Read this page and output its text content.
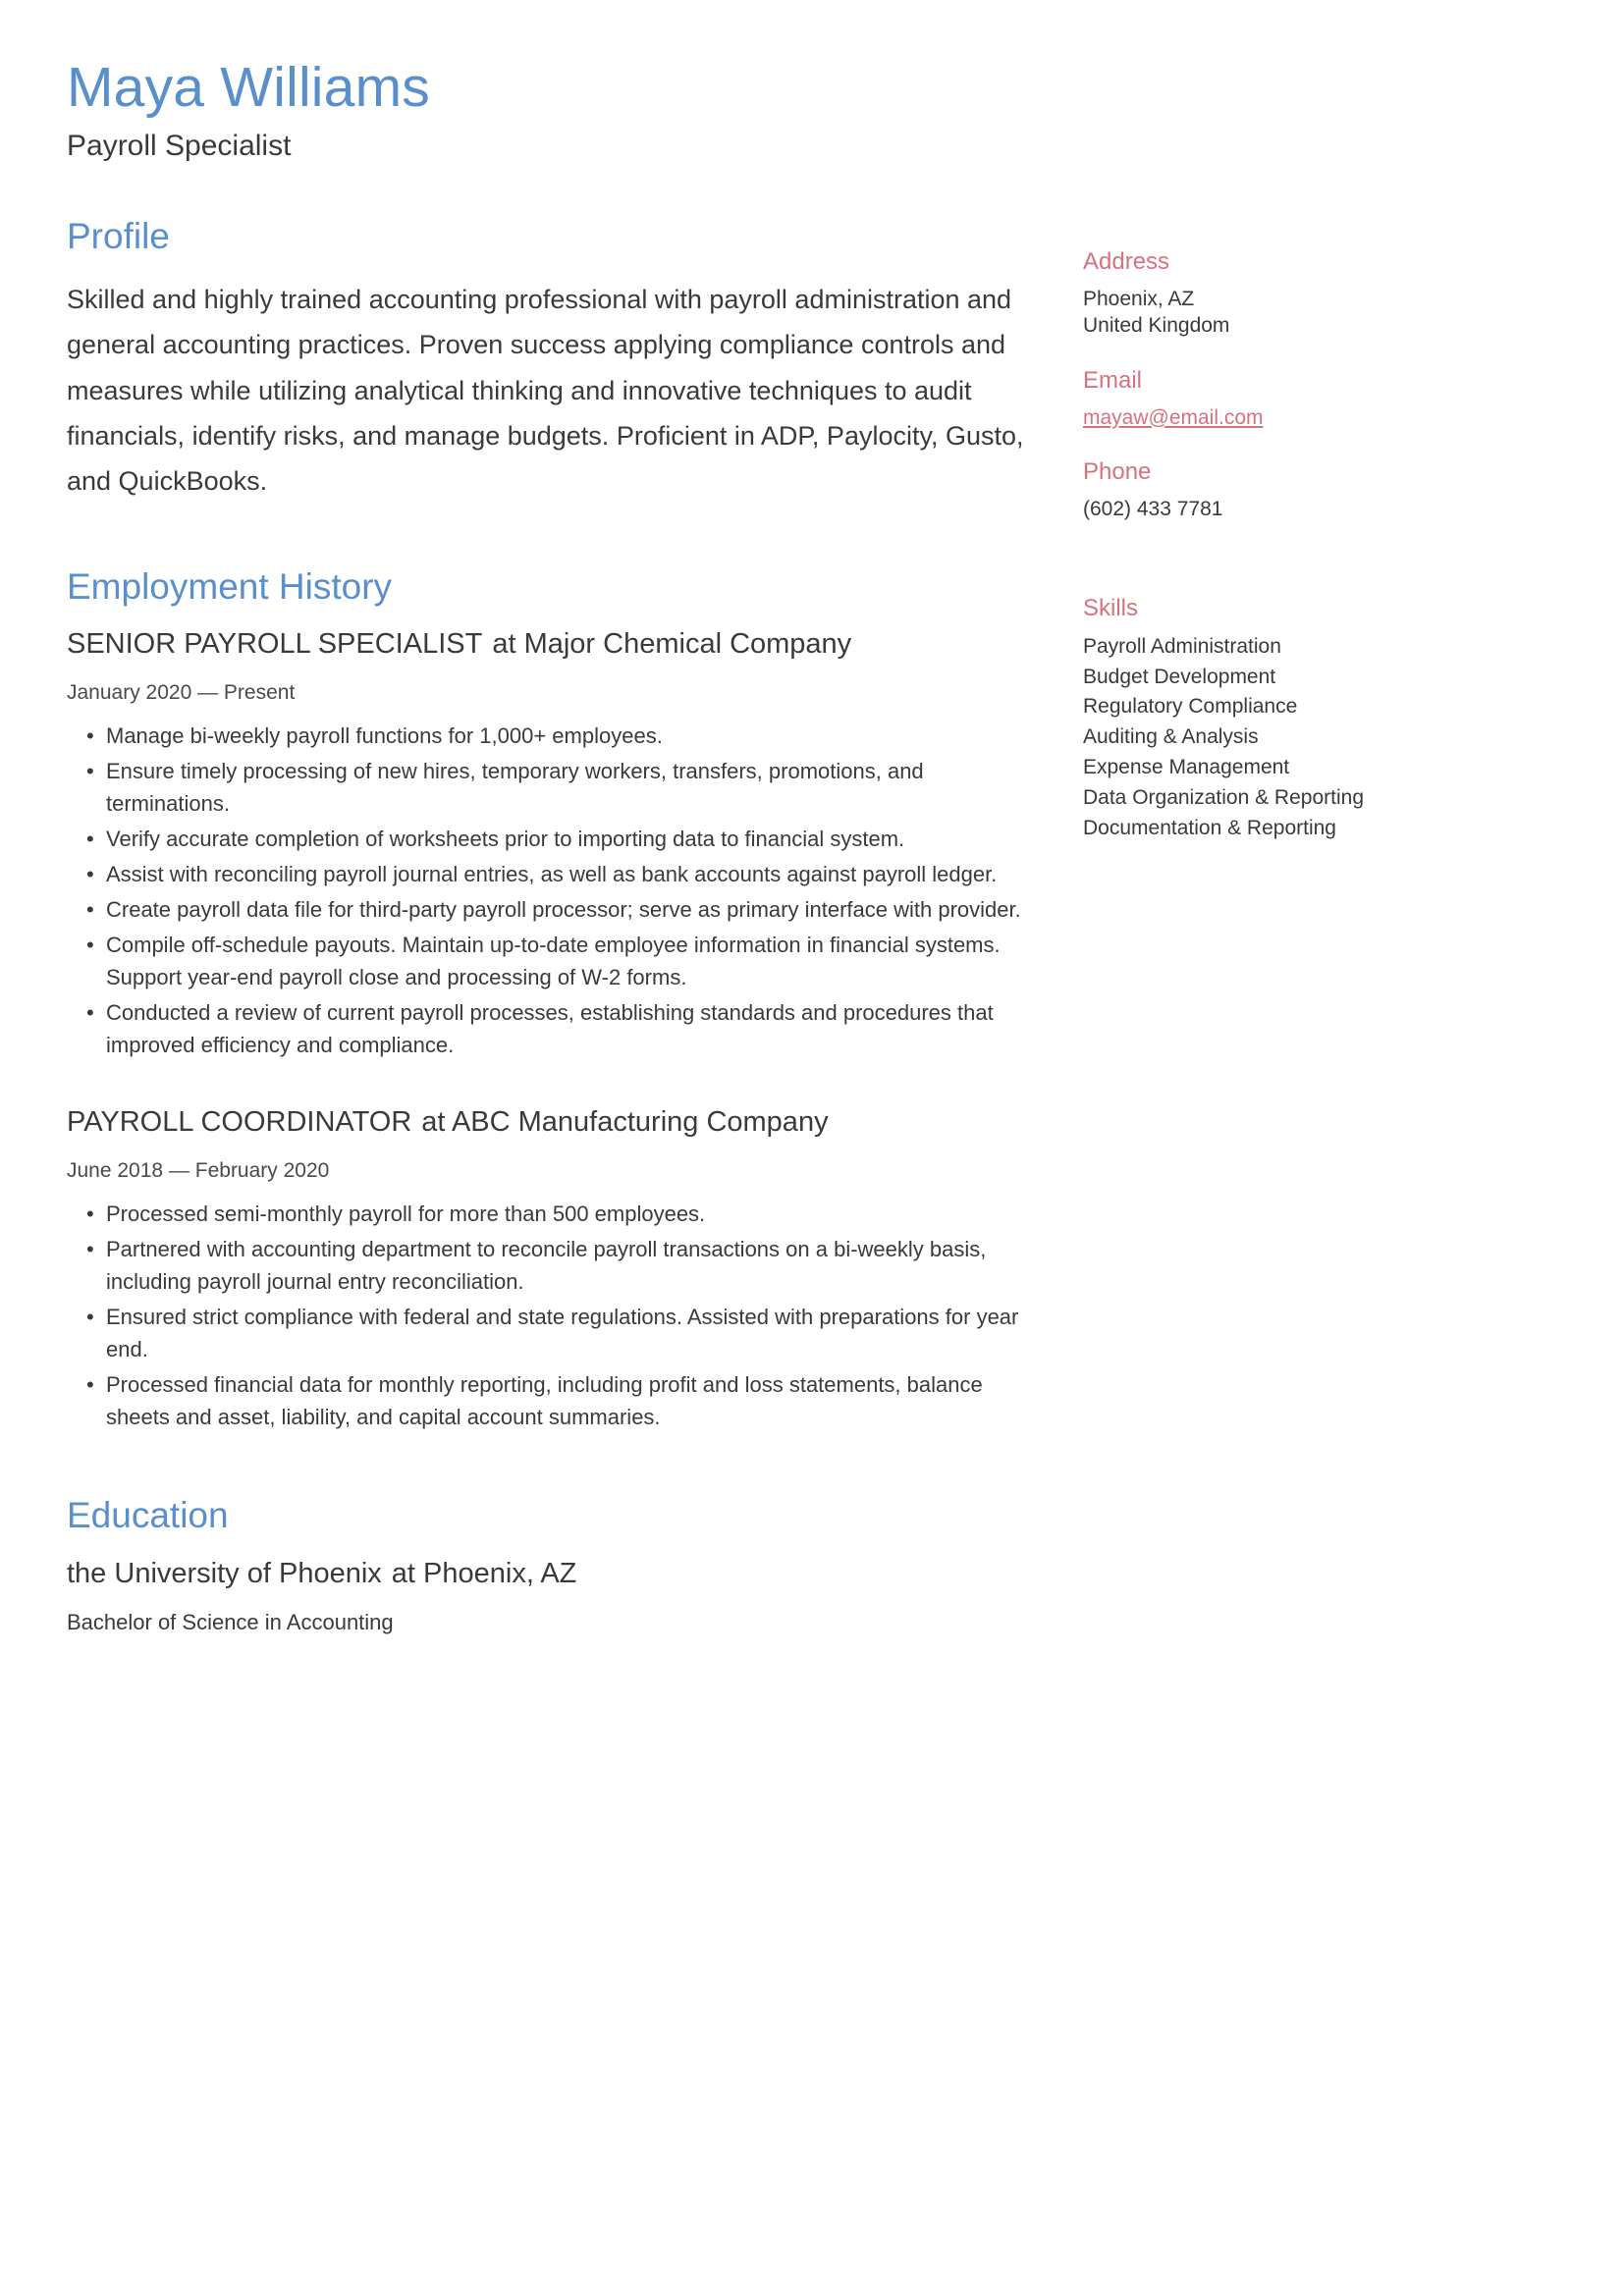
Maya Williams
Payroll Specialist
Profile

Skilled and highly trained accounting professional with payroll administration and general accounting practices. Proven success applying compliance controls and measures while utilizing analytical thinking and innovative techniques to audit financials, identify risks, and manage budgets. Proficient in ADP, Paylocity, Gusto, and QuickBooks.

Employment History
SENIOR PAYROLL SPECIALIST at Major Chemical Company
January 2020 — Present
• Manage bi-weekly payroll functions for 1,000+ employees.
• Ensure timely processing of new hires, temporary workers, transfers, promotions, and terminations.
• Verify accurate completion of worksheets prior to importing data to financial system.
• Assist with reconciling payroll journal entries, as well as bank accounts against payroll ledger.
• Create payroll data file for third-party payroll processor; serve as primary interface with provider.
• Compile off-schedule payouts. Maintain up-to-date employee information in financial systems. Support year-end payroll close and processing of W-2 forms.
• Conducted a review of current payroll processes, establishing standards and procedures that improved efficiency and compliance.
PAYROLL COORDINATOR at ABC Manufacturing Company
June 2018 — February 2020
• Processed semi-monthly payroll for more than 500 employees.
• Partnered with accounting department to reconcile payroll transactions on a bi-weekly basis, including payroll journal entry reconciliation.
• Ensured strict compliance with federal and state regulations. Assisted with preparations for year end.
• Processed financial data for monthly reporting, including profit and loss statements, balance sheets and asset, liability, and capital account summaries.
Education
the University of Phoenix at Phoenix, AZ
Bachelor of Science in Accounting
Address
Phoenix, AZ
United Kingdom
Email
mayaw@email.com
Phone
(602) 433 7781
Skills
Payroll Administration
Budget Development
Regulatory Compliance
Auditing & Analysis
Expense Management
Data Organization & Reporting
Documentation & Reporting
